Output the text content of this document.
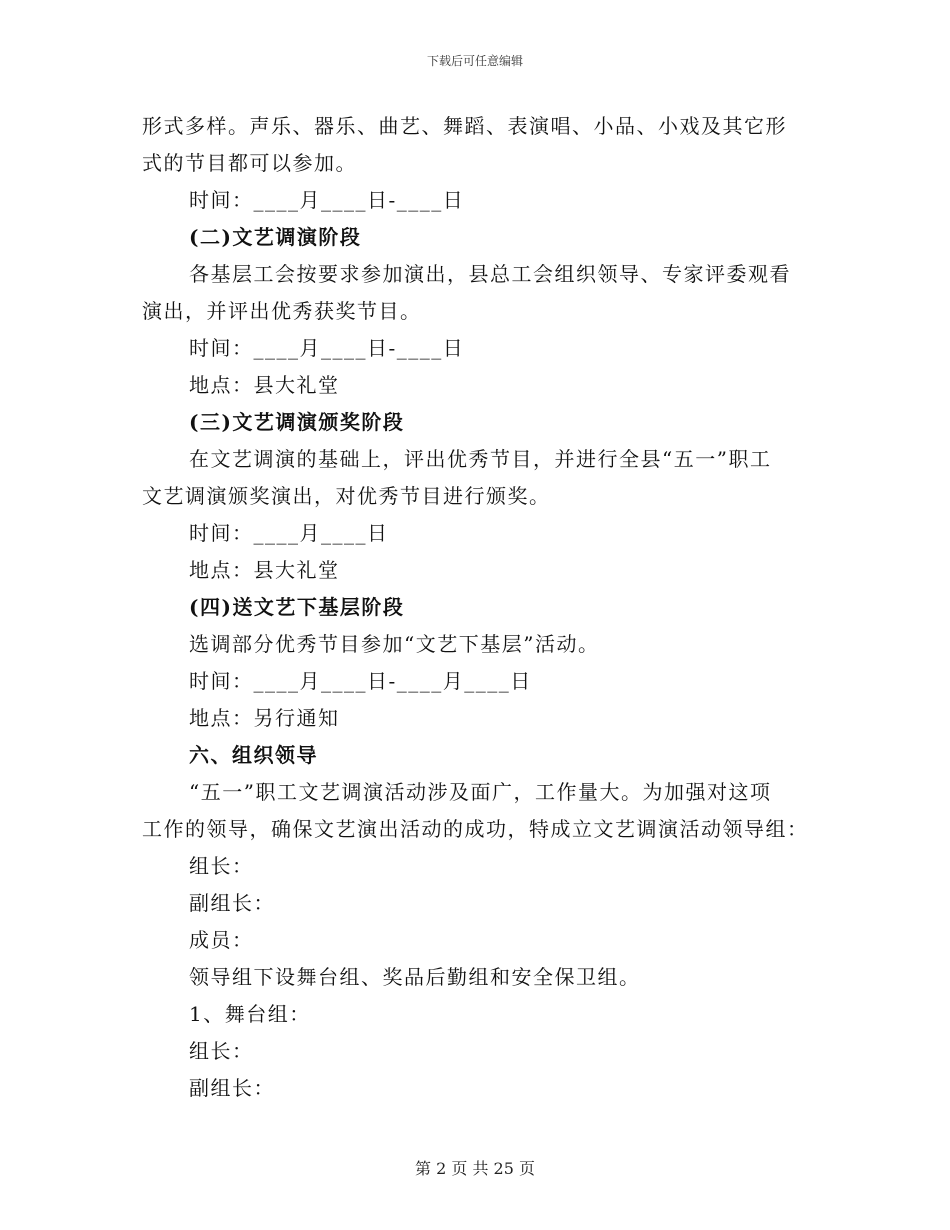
下载后可任意编辑
形式多样。声乐、器乐、曲艺、舞蹈、表演唱、小品、小戏及其它形
式的节目都可以参加。
时间：____月____日-____日
(二)文艺调演阶段
各基层工会按要求参加演出，县总工会组织领导、专家评委观看
演出，并评出优秀获奖节目。
时间：____月____日-____日
地点：县大礼堂
(三)文艺调演颁奖阶段
在文艺调演的基础上，评出优秀节目，并进行全县“五一”职工
文艺调演颁奖演出，对优秀节目进行颁奖。
时间：____月____日
地点：县大礼堂
(四)送文艺下基层阶段
选调部分优秀节目参加“文艺下基层”活动。
时间：____月____日-____月____日
地点：另行通知
六、组织领导
“五一”职工文艺调演活动涉及面广，工作量大。为加强对这项
工作的领导，确保文艺演出活动的成功，特成立文艺调演活动领导组：
组长：
副组长：
成员：
领导组下设舞台组、奖品后勤组和安全保卫组。
1、舞台组：
组长：
副组长：
第 2 页 共 25 页
